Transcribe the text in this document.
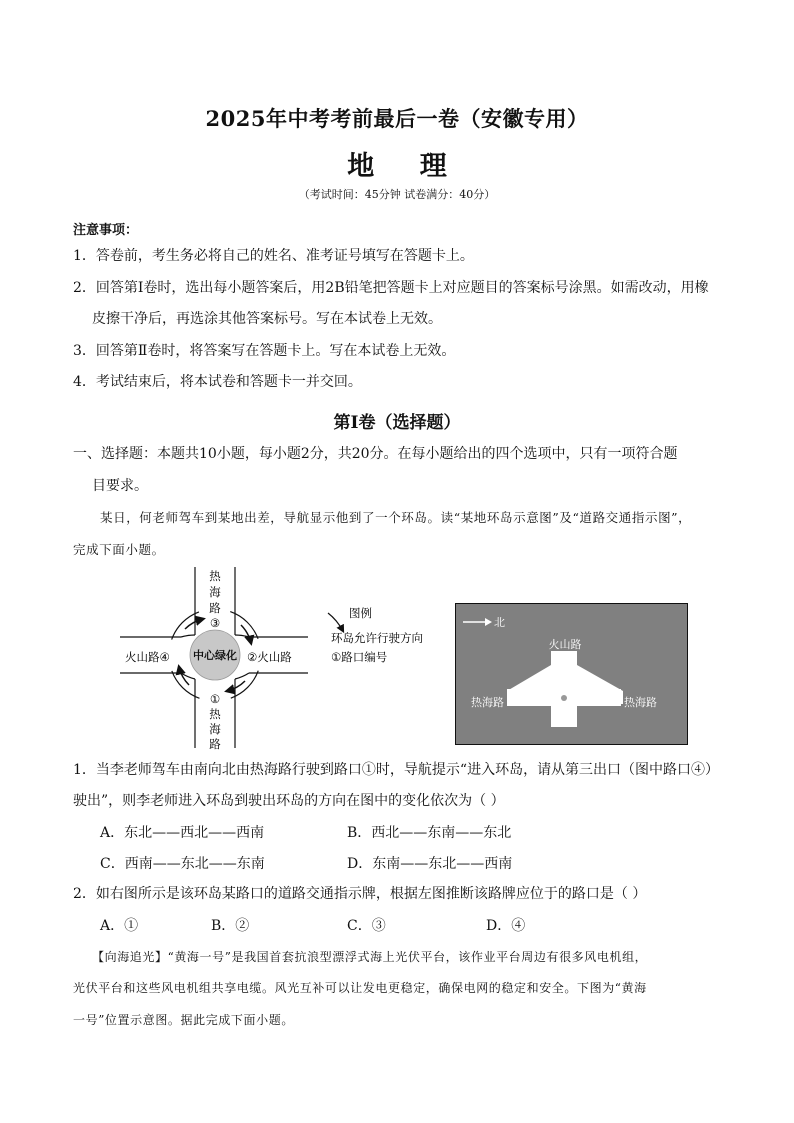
2025年中考考前最后一卷（安徽专用）
地 理
（考试时间：45分钟 试卷满分：40分）
注意事项：
1．答卷前，考生务必将自己的姓名、准考证号填写在答题卡上。
2．回答第Ⅰ卷时，选出每小题答案后，用2B铅笔把答题卡上对应题目的答案标号涂黑。如需改动，用橡
皮擦干净后，再选涂其他答案标号。写在本试卷上无效。
3．回答第Ⅱ卷时，将答案写在答题卡上。写在本试卷上无效。
4．考试结束后，将本试卷和答题卡一并交回。
第Ⅰ卷（选择题）
一、选择题：本题共10小题，每小题2分，共20分。在每小题给出的四个选项中，只有一项符合题
目要求。
某日，何老师驾车到某地出差，导航显示他到了一个环岛。读“某地环岛示意图”及“道路交通指示图”，
完成下面小题。
中心绿化
热
海
路
③
①
热
海
路
火山路④	②火山路
图例
环岛允许行驶方向
①路口编号
北
火山路
热海路	热海路
1．当李老师驾车由南向北由热海路行驶到路口①时，导航提示“进入环岛，请从第三出口（图中路口④）
驶出”，则李老师进入环岛到驶出环岛的方向在图中的变化依次为（ ）
A．东北——西北——西南	B．西北——东南——东北
C．西南——东北——东南	D．东南——东北——西南
2．如右图所示是该环岛某路口的道路交通指示牌，根据左图推断该路牌应位于的路口是（ ）
A．①	B．②	C．③	D．④
【向海追光】“黄海一号”是我国首套抗浪型漂浮式海上光伏平台，该作业平台周边有很多风电机组，
光伏平台和这些风电机组共享电缆。风光互补可以让发电更稳定，确保电网的稳定和安全。下图为“黄海
一号”位置示意图。据此完成下面小题。
